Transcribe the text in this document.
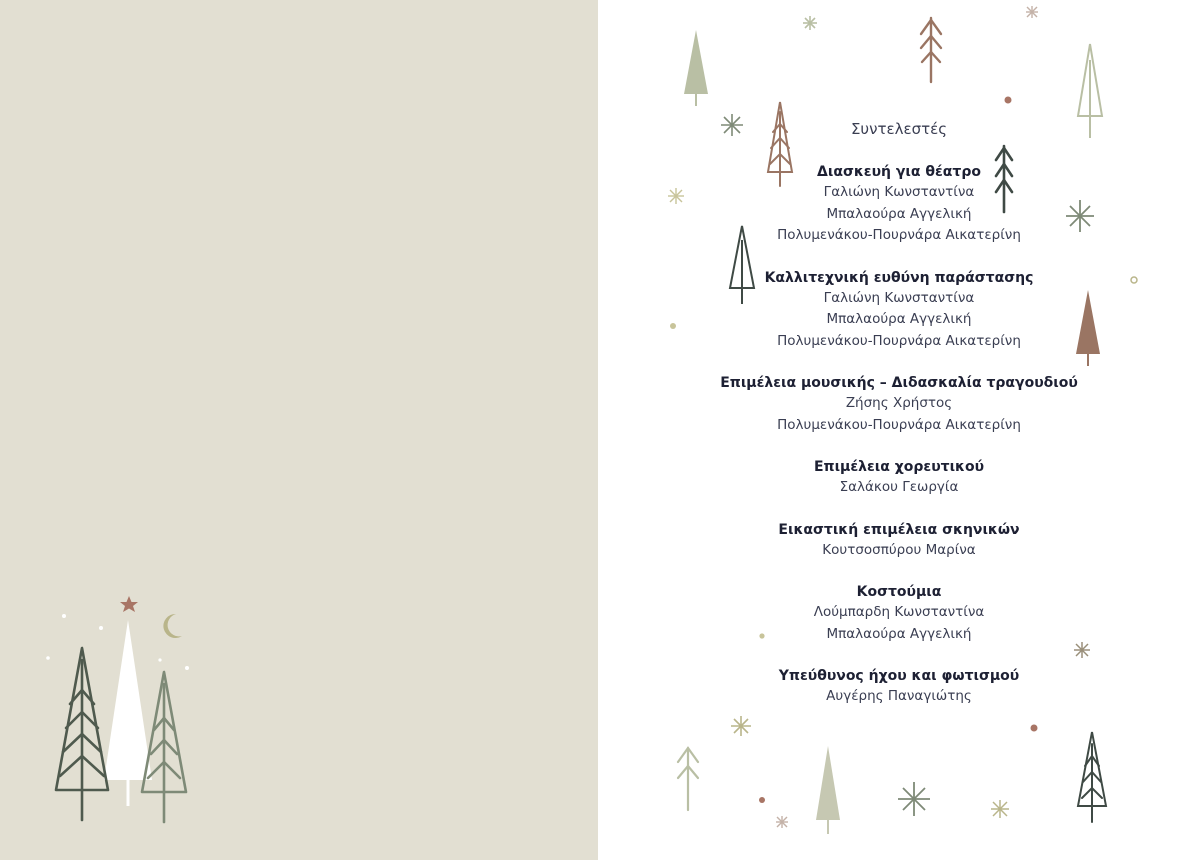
Συντελεστές
Διασκευή για θέατρο
Γαλιώνη Κωνσταντίνα
Μπαλαούρα Αγγελική
Πολυμενάκου-Πουρνάρα Αικατερίνη
Καλλιτεχνική ευθύνη παράστασης
Γαλιώνη Κωνσταντίνα
Μπαλαούρα Αγγελική
Πολυμενάκου-Πουρνάρα Αικατερίνη
Επιμέλεια μουσικής – Διδασκαλία τραγουδιού
Ζήσης Χρήστος
Πολυμενάκου-Πουρνάρα Αικατερίνη
Επιμέλεια χορευτικού
Σαλάκου Γεωργία
Εικαστική επιμέλεια σκηνικών
Κουτσοσπύρου Μαρίνα
Κοστούμια
Λούμπαρδη Κωνσταντίνα
Μπαλαούρα Αγγελική
Υπεύθυνος ήχου και φωτισμού
Αυγέρης Παναγιώτης
